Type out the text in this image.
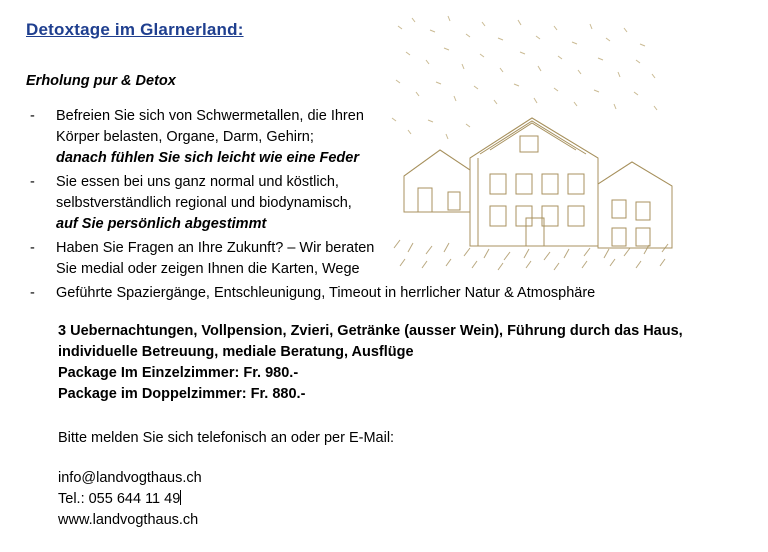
Detoxtage im Glarnerland:
Erholung pur & Detox
-	Befreien Sie sich von Schwermetallen, die Ihren
Körper belasten, Organe, Darm, Gehirn;
danach fühlen Sie sich leicht wie eine Feder
-	Sie essen bei uns ganz normal und köstlich,
selbstverständlich regional und biodynamisch,
auf Sie persönlich abgestimmt
-	Haben Sie Fragen an Ihre Zukunft? – Wir beraten
Sie medial oder zeigen Ihnen die Karten, Wege
-	Geführte Spaziergänge, Entschleunigung, Timeout in herrlicher Natur & Atmosphäre
3 Uebernachtungen, Vollpension, Zvieri, Getränke (ausser Wein), Führung durch das Haus, individuelle Betreuung, mediale Beratung, Ausflüge
Package Im Einzelzimmer: Fr. 980.-
Package im Doppelzimmer: Fr. 880.-
Bitte melden Sie sich telefonisch an oder per E-Mail:
info@landvogthaus.ch
Tel.: 055 644 11 49
www.landvogthaus.ch
